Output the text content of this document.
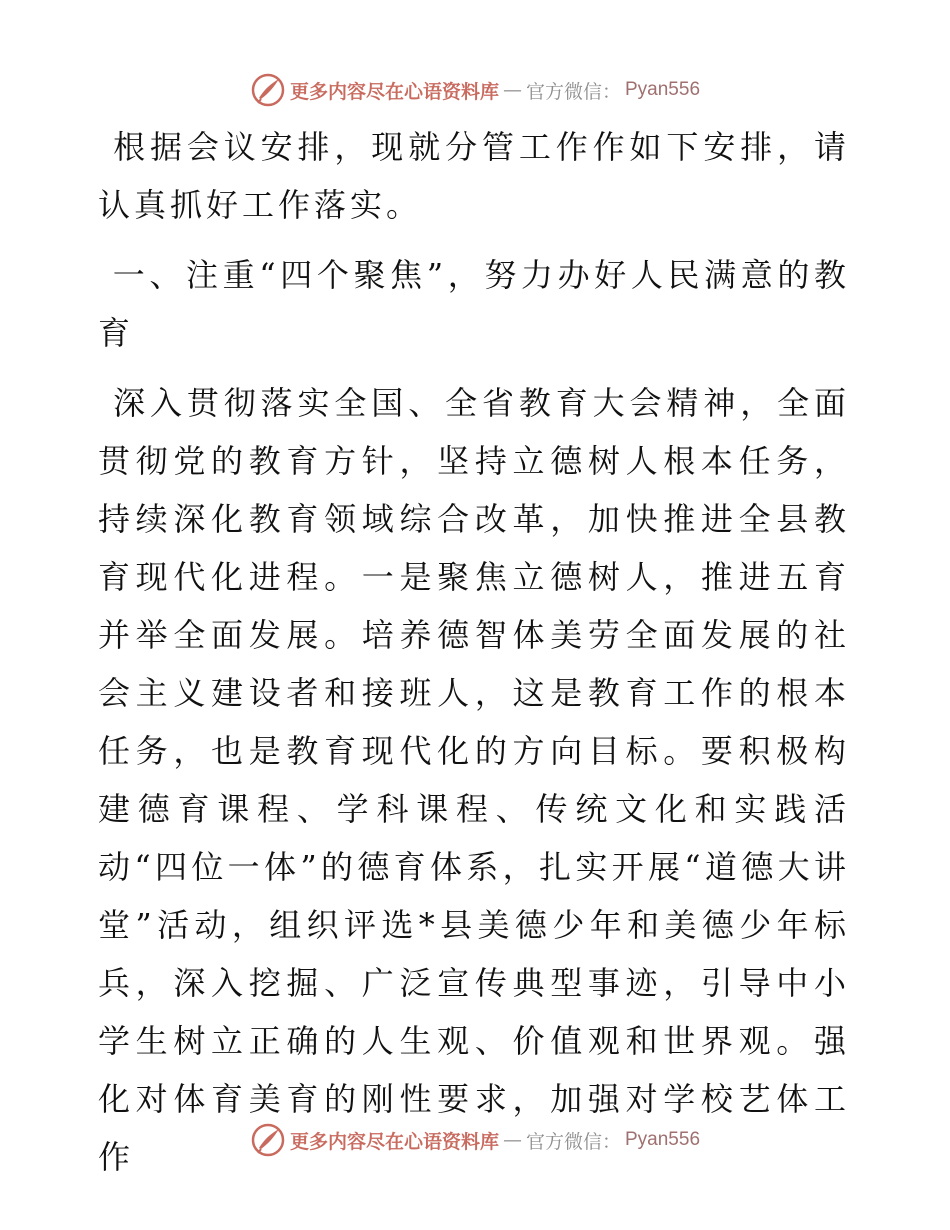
更多内容尽在心语资料库 — 官方微信： Pyan556

根据会议安排，现就分管工作作如下安排，请认真抓好工作落实。

一、注重“四个聚焦”，努力办好人民满意的教育

深入贯彻落实全国、全省教育大会精神，全面贯彻党的教育方针，坚持立德树人根本任务，持续深化教育领域综合改革，加快推进全县教育现代化进程。一是聚焦立德树人，推进五育并举全面发展。培养德智体美劳全面发展的社会主义建设者和接班人，这是教育工作的根本任务，也是教育现代化的方向目标。要积极构建德育课程、学科课程、传统文化和实践活动“四位一体”的德育体系，扎实开展“道德大讲堂”活动，组织评选*县美德少年和美德少年标兵，深入挖掘、广泛宣传典型事迹，引导中小学生树立正确的人生观、价值观和世界观。强化对体育美育的刚性要求，加强对学校艺体工作	更多内容尽在心语资料库 — 官方微信： Pyan556
